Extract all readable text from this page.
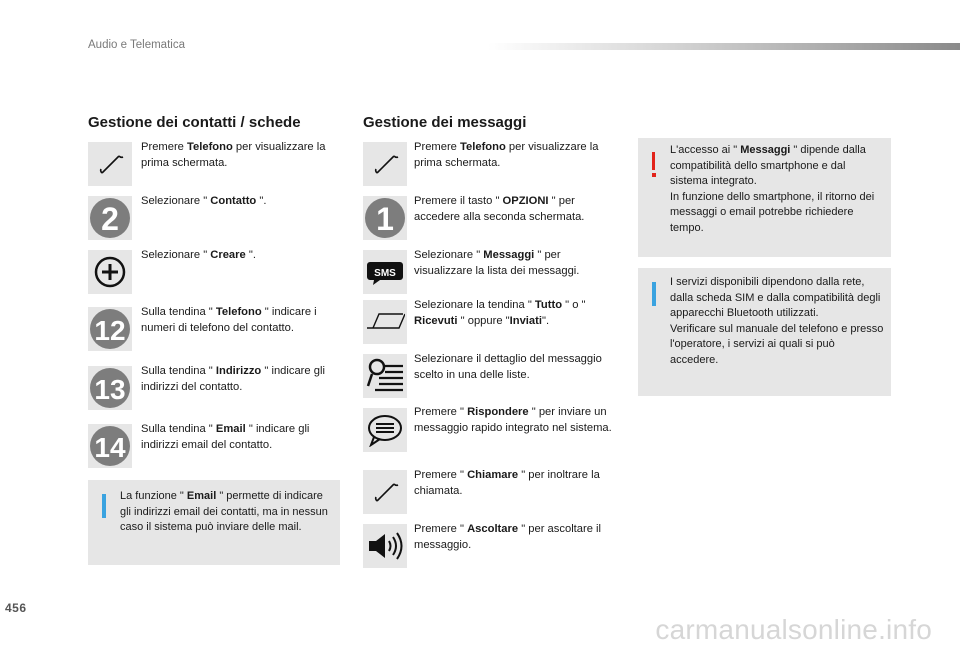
Audio e Telematica
Gestione dei contatti / schede
Premere Telefono per visualizzare la prima schermata.
2 Selezionare " Contatto ".
Selezionare " Creare ".
12
Sulla tendina " Telefono " indicare i numeri di telefono del contatto.
13
Sulla tendina " Indirizzo " indicare gli indirizzi del contatto.
14
Sulla tendina " Email " indicare gli indirizzi email del contatto.
La funzione " Email " permette di indicare gli indirizzi email dei contatti, ma in nessun caso il sistema può inviare delle mail.
Gestione dei messaggi
Premere Telefono per visualizzare la prima schermata.
1 Premere il tasto " OPZIONI " per accedere alla seconda schermata.
SMS
Selezionare " Messaggi " per visualizzare la lista dei messaggi.
Selezionare la tendina " Tutto " o " Ricevuti " oppure "Inviati".
Selezionare il dettaglio del messaggio scelto in una delle liste.
Premere " Rispondere " per inviare un messaggio rapido integrato nel sistema.
Premere " Chiamare " per inoltrare la chiamata.
Premere " Ascoltare " per ascoltare il messaggio.
L'accesso ai " Messaggi " dipende dalla compatibilità dello smartphone e dal sistema integrato.
In funzione dello smartphone, il ritorno dei messaggi o email potrebbe richiedere tempo.
I servizi disponibili dipendono dalla rete, dalla scheda SIM e dalla compatibilità degli apparecchi Bluetooth utilizzati.
Verificare sul manuale del telefono e presso l'operatore, i servizi ai quali si può accedere.
456
carmanualsonline.info
